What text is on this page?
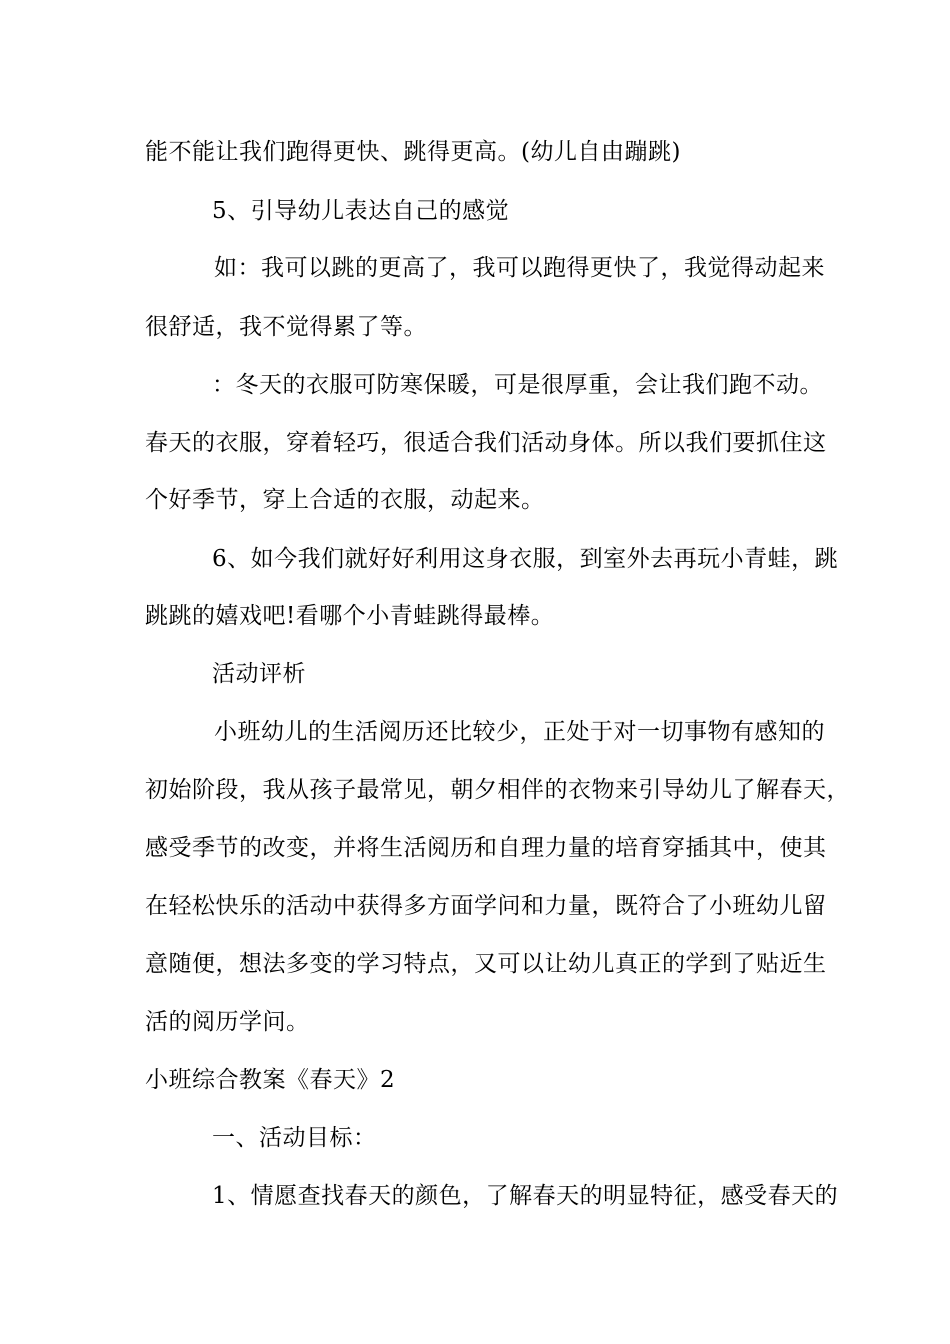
能不能让我们跑得更快、跳得更高。(幼儿自由蹦跳)
5、引导幼儿表达自己的感觉
如：我可以跳的更高了，我可以跑得更快了，我觉得动起来
很舒适，我不觉得累了等。
：冬天的衣服可防寒保暖，可是很厚重，会让我们跑不动。
春天的衣服，穿着轻巧，很适合我们活动身体。所以我们要抓住这
个好季节，穿上合适的衣服，动起来。
6、如今我们就好好利用这身衣服，到室外去再玩小青蛙，跳
跳跳的嬉戏吧!看哪个小青蛙跳得最棒。
活动评析
小班幼儿的生活阅历还比较少，正处于对一切事物有感知的
初始阶段，我从孩子最常见，朝夕相伴的衣物来引导幼儿了解春天，
感受季节的改变，并将生活阅历和自理力量的培育穿插其中，使其
在轻松快乐的活动中获得多方面学问和力量，既符合了小班幼儿留
意随便，想法多变的学习特点，又可以让幼儿真正的学到了贴近生
活的阅历学问。
小班综合教案《春天》2
一、活动目标：
1、情愿查找春天的颜色，了解春天的明显特征，感受春天的
